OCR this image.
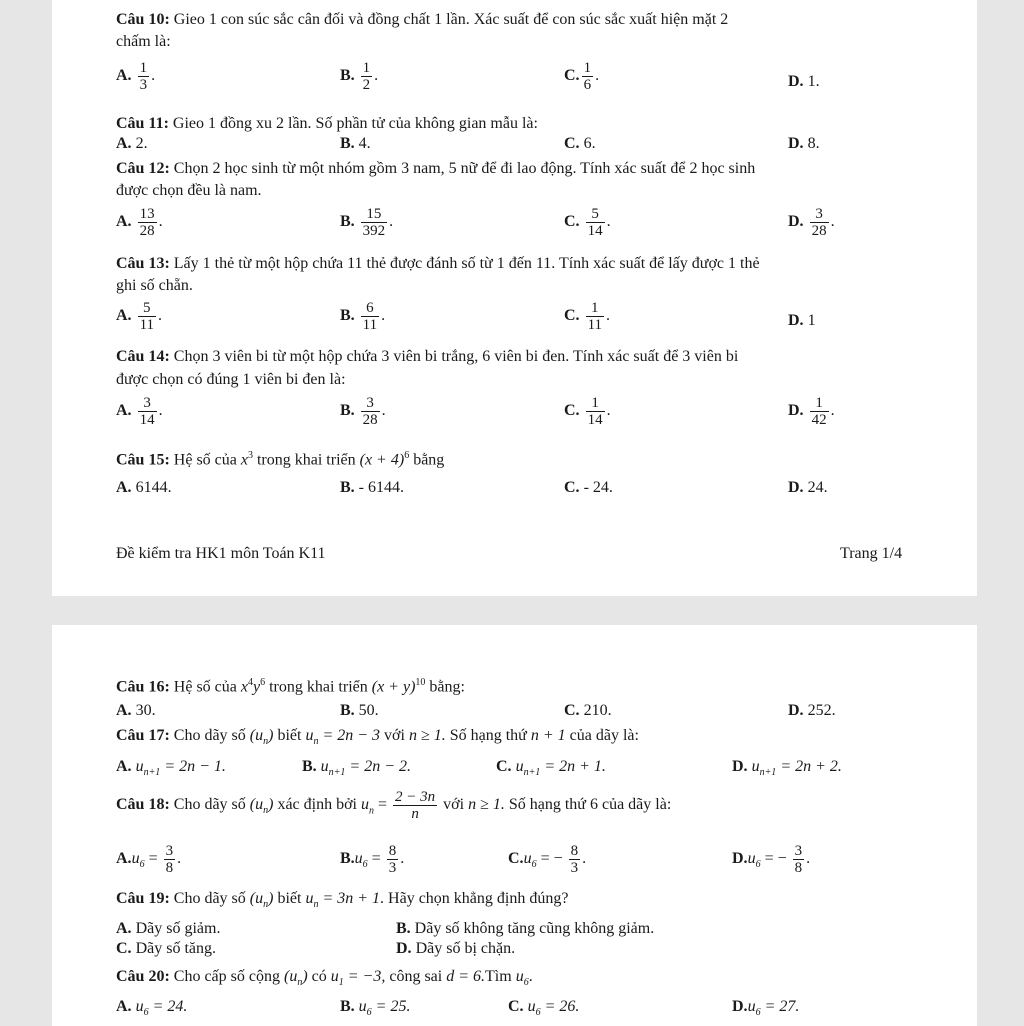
Câu 10: Gieo 1 con súc sắc cân đối và đồng chất 1 lần. Xác suất để con súc sắc xuất hiện mặt 2
chấm là:
A. $\frac{1}{3}$ .	B. $\frac{1}{2}$ .	C. $\frac{1}{6}$ .	D. 1.
Câu 11: Gieo 1 đồng xu 2 lần. Số phần tử của không gian mẫu là:
A. 2.	B. 4.	C. 6.	D. 8.
Câu 12: Chọn 2 học sinh từ một nhóm gồm 3 nam, 5 nữ để đi lao động. Tính xác suất để 2 học sinh
được chọn đều là nam.
A. $\frac{13}{28}$ .	B. $\frac{15}{392}$ .	C. $\frac{5}{14}$ .	D. $\frac{3}{28}$ .
Câu 13: Lấy 1 thẻ từ một hộp chứa 11 thẻ được đánh số từ 1 đến 11. Tính xác suất để lấy được 1 thẻ
ghi số chẵn.
A. $\frac{5}{11}$ .	B. $\frac{6}{11}$ .	C. $\frac{1}{11}$ .	D. 1
Câu 14: Chọn 3 viên bi từ một hộp chứa 3 viên bi trắng, 6 viên bi đen. Tính xác suất để 3 viên bi
được chọn có đúng 1 viên bi đen là:
A. $\frac{3}{14}$ .	B. $\frac{3}{28}$ .	C. $\frac{1}{14}$ .	D. $\frac{1}{42}$ .
Câu 15: Hệ số của $x^3$ trong khai triển $(x + 4)^6$ bằng
A. 6144.	B. - 6144.	C. - 24.	D. 24.
Đề kiểm tra HK1 môn Toán K11	Trang 1/4
Câu 16: Hệ số của $x^4y^6$ trong khai triển $(x + y)^{10}$ bằng:
A. 30.	B. 50.	C. 210.	D. 252.
Câu 17: Cho dãy số $(u_n)$ biết $u_n = 2n - 3$ với n ≥ 1. Số hạng thứ n + 1 của dãy là:
A. $u_{n+1} = 2n - 1$.	B. $u_{n+1} = 2n - 2$.	C. $u_{n+1} = 2n + 1$.	D. $u_{n+1} = 2n + 2$.
Câu 18: Cho dãy số $(u_n)$ xác định bởi $u_n = \frac{2 - 3n}{n}$ với n ≥ 1. Số hạng thứ 6 của dãy là:
$A.u_6 = \frac{3}{8}$ .	$B.u_6 = \frac{8}{3}$ .	$C.u_6$ = − $\frac{8}{3}$ .	$D.u_6$ = − $\frac{3}{8}$ .
Câu 19: Cho dãy số $(u_n)$ biết $u_n = 3n + 1$. Hãy chọn khẳng định đúng?
A. Dãy số giảm.	B. Dãy số không tăng cũng không giảm.
C. Dãy số tăng.	D. Dãy số bị chặn.
Câu 20: Cho cấp số cộng $(u_n)$ có $u_1 = -3$, công sai d = 6.Tìm $u_6$.
A. $u_6 = 24$.	B. $u_6 = 25$.	C. $u_6 = 26$.	$D.u_6 = 27$.
